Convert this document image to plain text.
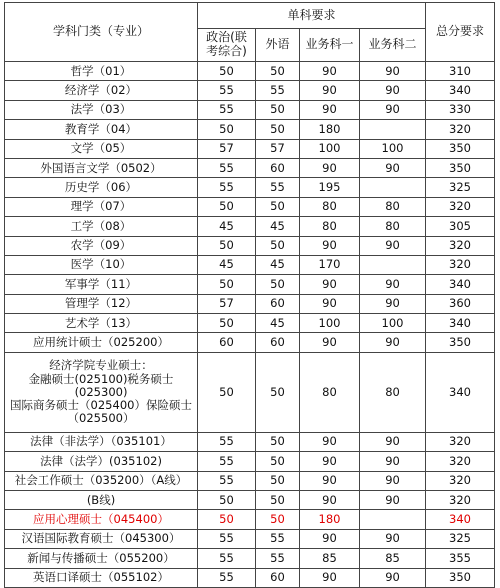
学科门类（专业）	单科要求				总分要求

	政治(联
考综合)	外语	业务科一	业务科二	
哲学（01）	50	50	90	90	310
经济学（02）	55	55	90	90	340
法学（03）	55	50	90	90	330
教育学（04）	50	50	180		320
文学（05）	57	57	100	100	350
外国语言文学（0502）	55	60	90	90	350
历史学（06）	55	55	195		325
理学（07）	50	50	80	80	320
工学（08）	45	45	80	80	305
农学（09）	50	50	90	90	320
医学（10）	45	45	170		320
军事学（11）	50	50	90	90	340
管理学（12）	57	60	90	90	360
艺术学（13）	50	45	100	100	340
应用统计硕士（025200）	60	60	90	90	350

经济学院专业硕士：
金融硕士(025100)税务硕士(025300)
国际商务硕士（025400）保险硕士
（025500）	50	50	80	80	340
法律（非法学）（035101）	55	50	90	90	320
法律（法学）(035102)	55	50	90	90	320
社会工作硕士（035200）（A线）	55	50	90	90	320
(B线)	50	50	90	90	320
应用心理硕士（045400）	50	50	180		340
汉语国际教育硕士（045300）	55	55	90	90	325
新闻与传播硕士（055200）	55	55	85	85	355
英语口译硕士（055102）	55	60	90	90	350
